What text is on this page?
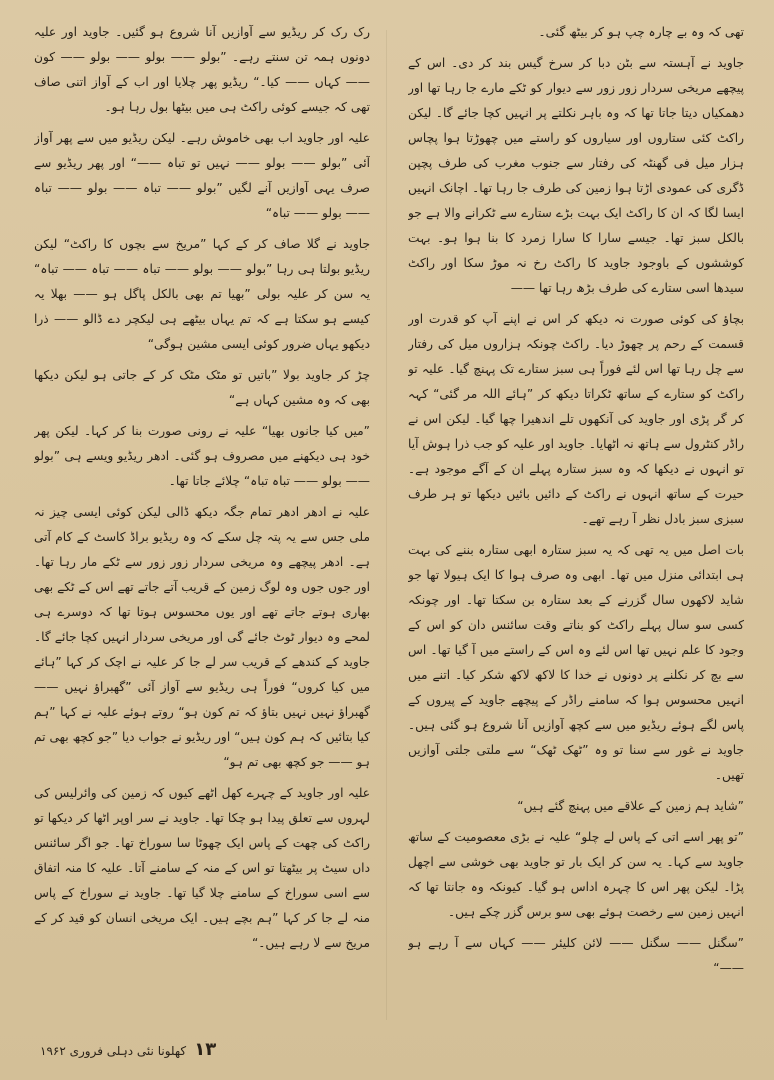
تھی کہ وہ بے چارہ چپ ہو کر بیٹھ گئی۔

جاوید نے آہستہ سے بٹن دبا کر سرخ گیس بند کر دی۔ اس کے پیچھے مریخی سردار زور زور سے دیوار کو ٹکے مارے جا رہا تھا اور دھمکیاں دیتا جاتا تھا کہ وہ باہر نکلتے پر انہیں کچا جائے گا۔ لیکن راکٹ کئی ستاروں اور سیاروں کو راستے میں چھوڑتا ہوا پچاس ہزار میل فی گھنٹہ کی رفتار سے جنوب مغرب کی طرف پچپن ڈگری کی عمودی اڑتا ہوا زمین کی طرف جا رہا تھا۔ اچانک انہیں ایسا لگا کہ ان کا راکٹ ایک بہت بڑے ستارے سے ٹکرانے والا ہے جو بالکل سبز تھا۔ جیسے سارا کا سارا زمرد کا بنا ہوا ہو۔ بہت کوششوں کے باوجود جاوید کا راکٹ رخ نہ موڑ سکا اور راکٹ سیدھا اسی ستارے کی طرف بڑھ رہا تھا ——

بچاؤ کی کوئی صورت نہ دیکھ کر اس نے اپنے آپ کو قدرت اور قسمت کے رحم پر چھوڑ دیا۔ راکٹ چونکہ ہزاروں میل کی رفتار سے چل رہا تھا اس لئے فوراً ہی سبز ستارے تک پہنچ گیا۔ علیہ تو راکٹ کو ستارے کے ساتھ ٹکراتا دیکھ کر ”ہائے اللہ مر گئی“ کہہ کر گر پڑی اور جاوید کی آنکھوں تلے اندھیرا چھا گیا۔ لیکن اس نے راڈر کنٹرول سے ہاتھ نہ اٹھایا۔ جاوید اور علیہ کو جب ذرا ہوش آیا تو انہوں نے دیکھا کہ وہ سبز ستارہ پہلے ان کے آگے موجود ہے۔ حیرت کے ساتھ انہوں نے راکٹ کے دائیں بائیں دیکھا تو ہر طرف سبزی سبز بادل نظر آ رہے تھے۔

بات اصل میں یہ تھی کہ یہ سبز ستارہ ابھی ستارہ بننے کی بہت ہی ابتدائی منزل میں تھا۔ ابھی وہ صرف ہوا کا ایک ہیولا تھا جو شاید لاکھوں سال گزرنے کے بعد ستارہ بن سکتا تھا۔ اور چونکہ کسی سو سال پہلے راکٹ کو بناتے وقت سائنس دان کو اس کے وجود کا علم نہیں تھا اس لئے وہ اس کے راستے میں آ گیا تھا۔ اس سے بچ کر نکلنے پر دونوں نے خدا کا لاکھ لاکھ شکر کیا۔ اتنے میں انہیں محسوس ہوا کہ سامنے راڈر کے پیچھے جاوید کے پیروں کے پاس لگے ہوئے ریڈیو میں سے کچھ آوازیں آنا شروع ہو گئی ہیں۔ جاوید نے غور سے سنا تو وہ ”ٹھک ٹھک“ سے ملتی جلتی آوازیں تھیں۔

”شاید ہم زمین کے علاقے میں پہنچ گئے ہیں“

”تو پھر اسے اتی کے پاس لے چلو“ علیہ نے بڑی معصومیت کے ساتھ جاوید سے کہا۔ یہ سن کر ایک بار تو جاوید بھی خوشی سے اچھل پڑا۔ لیکن پھر اس کا چہرہ اداس ہو گیا۔ کیونکہ وہ جانتا تھا کہ انہیں زمین سے رخصت ہوئے بھی سو برس گزر چکے ہیں۔

”سگنل —— سگنل —— لائن کلیئر —— کہاں سے آ رہے ہو ——“

رک رک کر ریڈیو سے آوازیں آنا شروع ہو گئیں۔ جاوید اور علیہ دونوں ہمہ تن سنتے رہے۔ ”بولو —— بولو —— بولو —— کون —— کہاں —— کیا۔“ ریڈیو پھر چلایا اور اب کے آواز اتنی صاف تھی کہ جیسے کوئی راکٹ ہی میں بیٹھا بول رہا ہو۔

علیہ اور جاوید اب بھی خاموش رہے۔ لیکن ریڈیو میں سے پھر آواز آئی ”بولو —— بولو —— نہیں تو تباہ ——“ اور پھر ریڈیو سے صرف یہی آوازیں آنے لگیں ”بولو —— تباہ —— بولو —— تباہ —— بولو —— تباہ“

جاوید نے گلا صاف کر کے کہا ”مریخ سے بچوں کا راکٹ“ لیکن ریڈیو بولتا ہی رہا ”بولو —— بولو —— تباہ —— تباہ —— تباہ“ یہ سن کر علیہ بولی ”بھیا تم بھی بالکل پاگل ہو —— بھلا یہ کیسے ہو سکتا ہے کہ تم یہاں بیٹھے ہی لیکچر دے ڈالو —— ذرا دیکھو یہاں ضرور کوئی ایسی مشین ہوگی“

چڑ کر جاوید بولا ”باتیں تو مٹک مٹک کر کے جاتی ہو لیکن دیکھا بھی کہ وہ مشین کہاں ہے“

”میں کیا جانوں بھیا“ علیہ نے رونی صورت بنا کر کہا۔ لیکن پھر خود ہی دیکھنے میں مصروف ہو گئی۔ ادھر ریڈیو ویسے ہی ”بولو —— بولو —— تباہ تباہ“ چلائے جاتا تھا۔

علیہ نے ادھر ادھر تمام جگہ دیکھ ڈالی لیکن کوئی ایسی چیز نہ ملی جس سے یہ پتہ چل سکے کہ وہ ریڈیو براڈ کاسٹ کے کام آتی ہے۔ ادھر پیچھے وہ مریخی سردار زور زور سے ٹکے مار رہا تھا۔ اور جوں جوں وہ لوگ زمین کے قریب آتے جاتے تھے اس کے ٹکے بھی بھاری ہوتے جاتے تھے اور یوں محسوس ہوتا تھا کہ دوسرے ہی لمحے وہ دیوار ٹوٹ جائے گی اور مریخی سردار انہیں کچا جائے گا۔ جاوید کے کندھے کے قریب سر لے جا کر علیہ نے اچک کر کہا ”ہائے میں کیا کروں“ فوراً ہی ریڈیو سے آواز آئی ”گھبراؤ نہیں —— گھبراؤ نہیں نہیں بتاؤ کہ تم کون ہو“ روتے ہوئے علیہ نے کہا ”ہم کیا بتائیں کہ ہم کون ہیں“ اور ریڈیو نے جواب دیا ”جو کچھ بھی تم ہو —— جو کچھ بھی تم ہو“

علیہ اور جاوید کے چہرے کھل اٹھے کیوں کہ زمین کی وائرلیس کی لہروں سے تعلق پیدا ہو چکا تھا۔ جاوید نے سر اوپر اٹھا کر دیکھا تو راکٹ کی چھت کے پاس ایک چھوٹا سا سوراخ تھا۔ جو اگر سائنس داں سیٹ پر بیٹھتا تو اس کے منہ کے سامنے آتا۔ علیہ کا منہ اتفاق سے اسی سوراخ کے سامنے چلا گیا تھا۔ جاوید نے سوراخ کے پاس منہ لے جا کر کہا ”ہم بچے ہیں۔ ایک مریخی انسان کو قید کر کے مریخ سے لا رہے ہیں۔“

۱۳ کھلونا نئی دہلی فروری ۱۹۶۲
